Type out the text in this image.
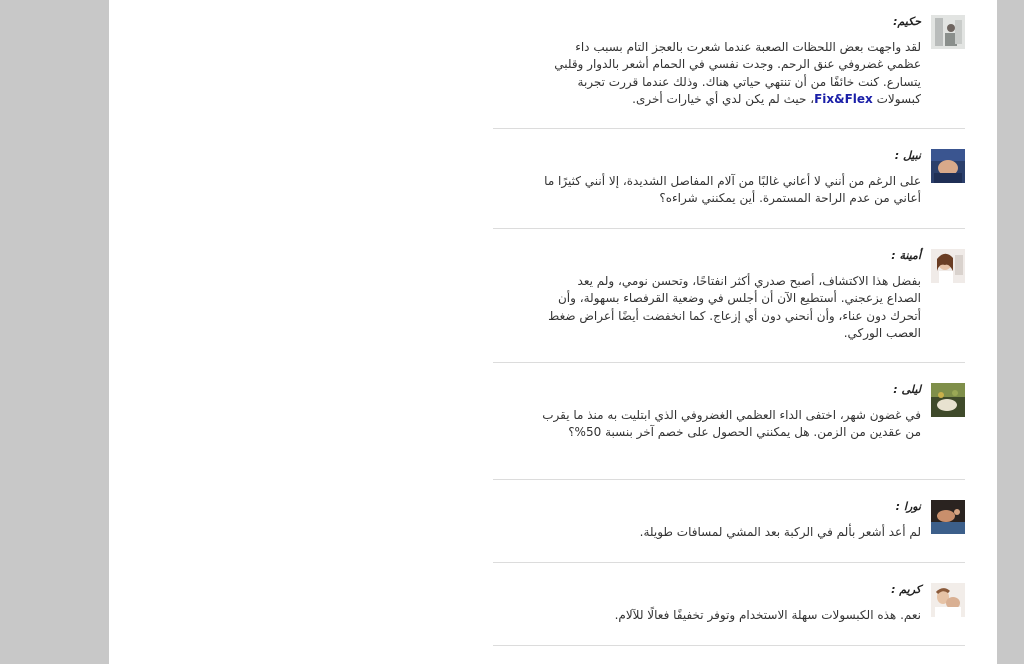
حكيم:
لقد واجهت بعض اللحظات الصعبة عندما شعرت بالعجز التام بسبب داء عظمي غضروفي عنق الرحم. وجدت نفسي في الحمام أشعر بالدوار وقلبي يتسارع. كنت خائفًا من أن تنتهي حياتي هناك. وذلك عندما قررت تجربة كبسولات Fix&Flex، حيث لم يكن لدي أي خيارات أخرى.
نبيل :
على الرغم من أنني لا أعاني غالبًا من آلام المفاصل الشديدة، إلا أنني كثيرًا ما أعاني من عدم الراحة المستمرة. أين يمكنني شراءه؟
أمينة :
بفضل هذا الاكتشاف، أصبح صدري أكثر انفتاحًا، وتحسن نومي، ولم يعد الصداع يزعجني. أستطيع الآن أن أجلس في وضعية القرفصاء بسهولة، وأن أتحرك دون عناء، وأن أنحني دون أي إزعاج. كما انخفضت أيضًا أعراض ضغط العصب الوركي.
ليلى :
في غضون شهر، اختفى الداء العظمي الغضروفي الذي ابتليت به منذ ما يقرب من عقدين من الزمن. هل يمكنني الحصول على خصم آخر بنسبة 50%؟
نورا :
لم أعد أشعر بألم في الركبة بعد المشي لمسافات طويلة.
كريم :
نعم. هذه الكبسولات سهلة الاستخدام وتوفر تخفيفًا فعالًا للآلام.
